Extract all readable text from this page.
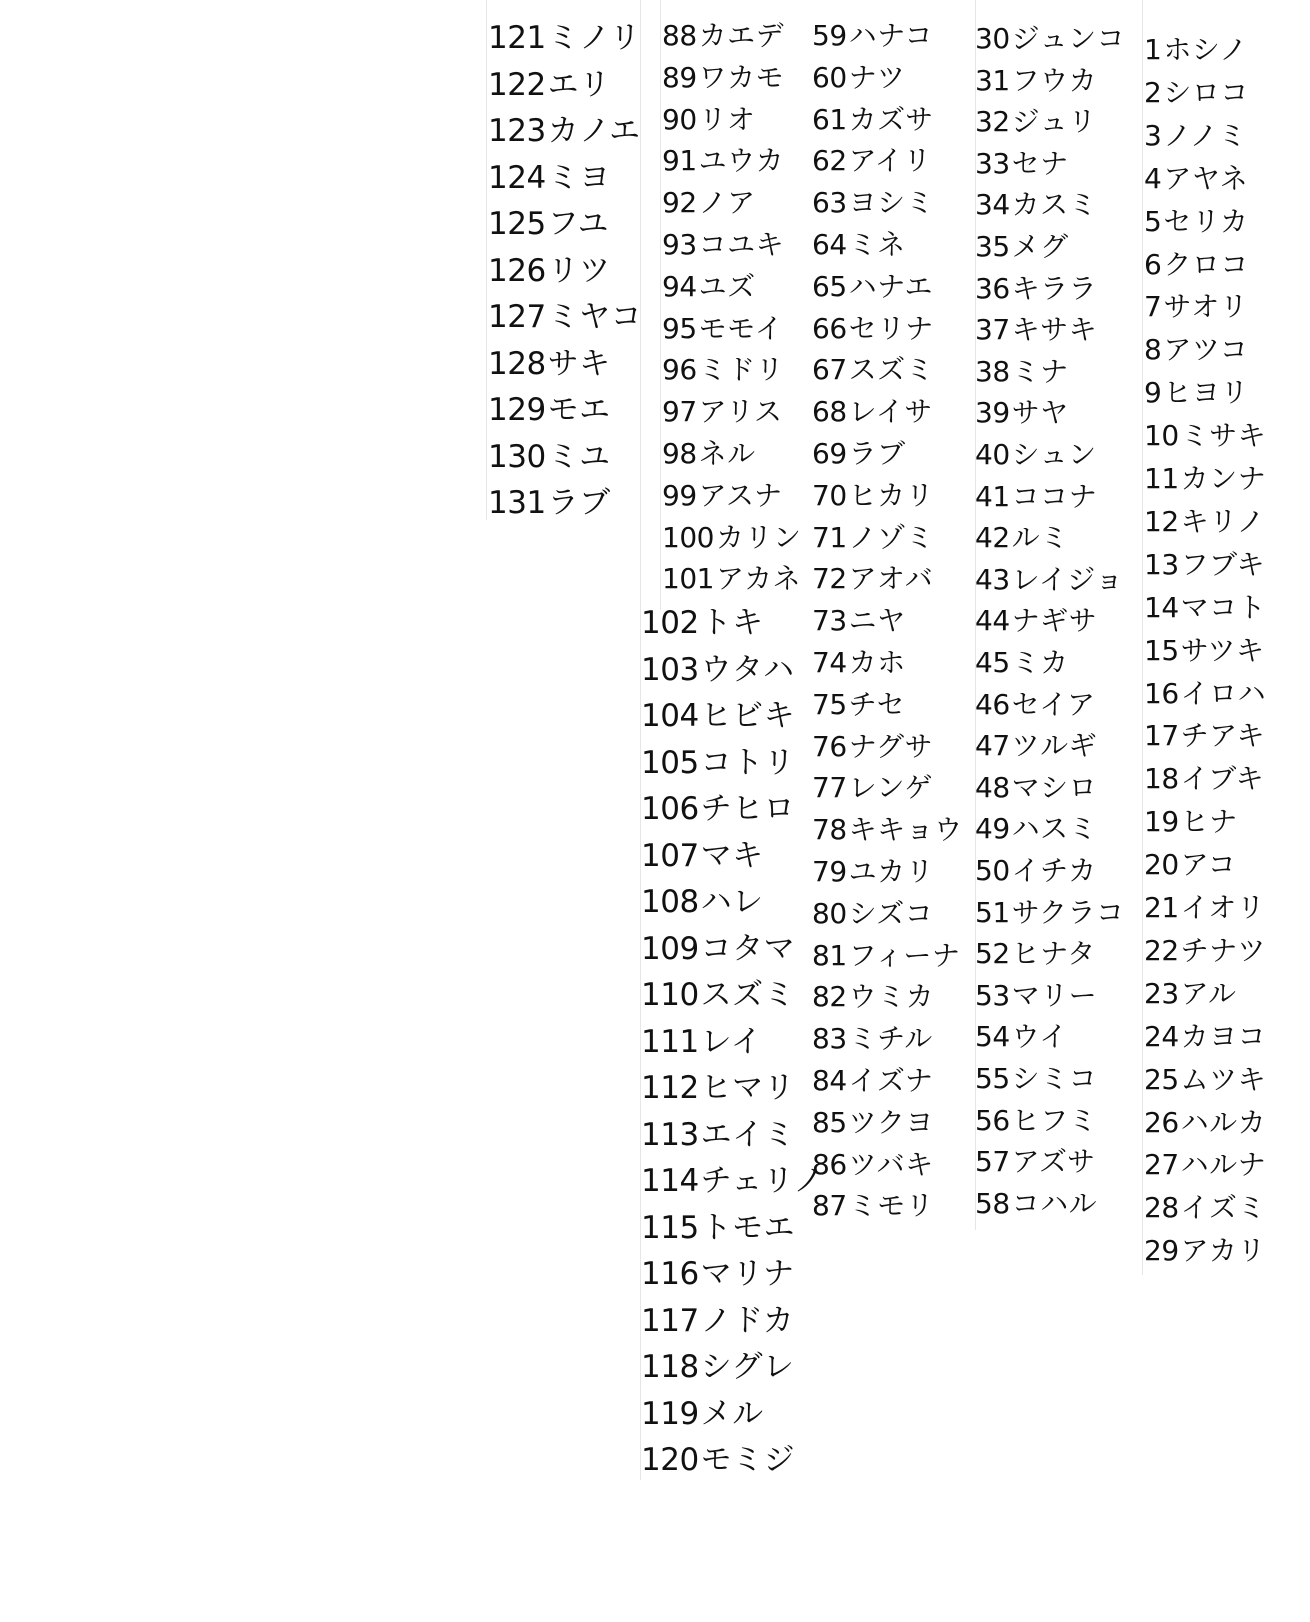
1ホシノ
2シロコ
3ノノミ
4アヤネ
5セリカ
6クロコ
7サオリ
8アツコ
9ヒヨリ
10ミサキ
11カンナ
12キリノ
13フブキ
14マコト
15サツキ
16イロハ
17チアキ
18イブキ
19ヒナ
20アコ
21イオリ
22チナツ
23アル
24カヨコ
25ムツキ
26ハルカ
27ハルナ
28イズミ
29アカリ
30ジュンコ
31フウカ
32ジュリ
33セナ
34カスミ
35メグ
36キララ
37キサキ
38ミナ
39サヤ
40シュン
41ココナ
42ルミ
43レイジョ
44ナギサ
45ミカ
46セイア
47ツルギ
48マシロ
49ハスミ
50イチカ
51サクラコ
52ヒナタ
53マリー
54ウイ
55シミコ
56ヒフミ
57アズサ
58コハル
59ハナコ
60ナツ
61カズサ
62アイリ
63ヨシミ
64ミネ
65ハナエ
66セリナ
67スズミ
68レイサ
69ラブ
70ヒカリ
71ノゾミ
72アオバ
73ニヤ
74カホ
75チセ
76ナグサ
77レンゲ
78キキョウ
79ユカリ
80シズコ
81フィーナ
82ウミカ
83ミチル
84イズナ
85ツクヨ
86ツバキ
87ミモリ
88カエデ
89ワカモ
90リオ
91ユウカ
92ノア
93コユキ
94ユズ
95モモイ
96ミドリ
97アリス
98ネル
99アスナ
100カリン
101アカネ
102トキ
103ウタハ
104ヒビキ
105コトリ
106チヒロ
107マキ
108ハレ
109コタマ
110スズミ
111レイ
112ヒマリ
113エイミ
114チェリノ
115トモエ
116マリナ
117ノドカ
118シグレ
119メル
120モミジ
121ミノリ
122エリ
123カノエ
124ミヨ
125フユ
126リツ
127ミヤコ
128サキ
129モエ
130ミユ
131ラブ
